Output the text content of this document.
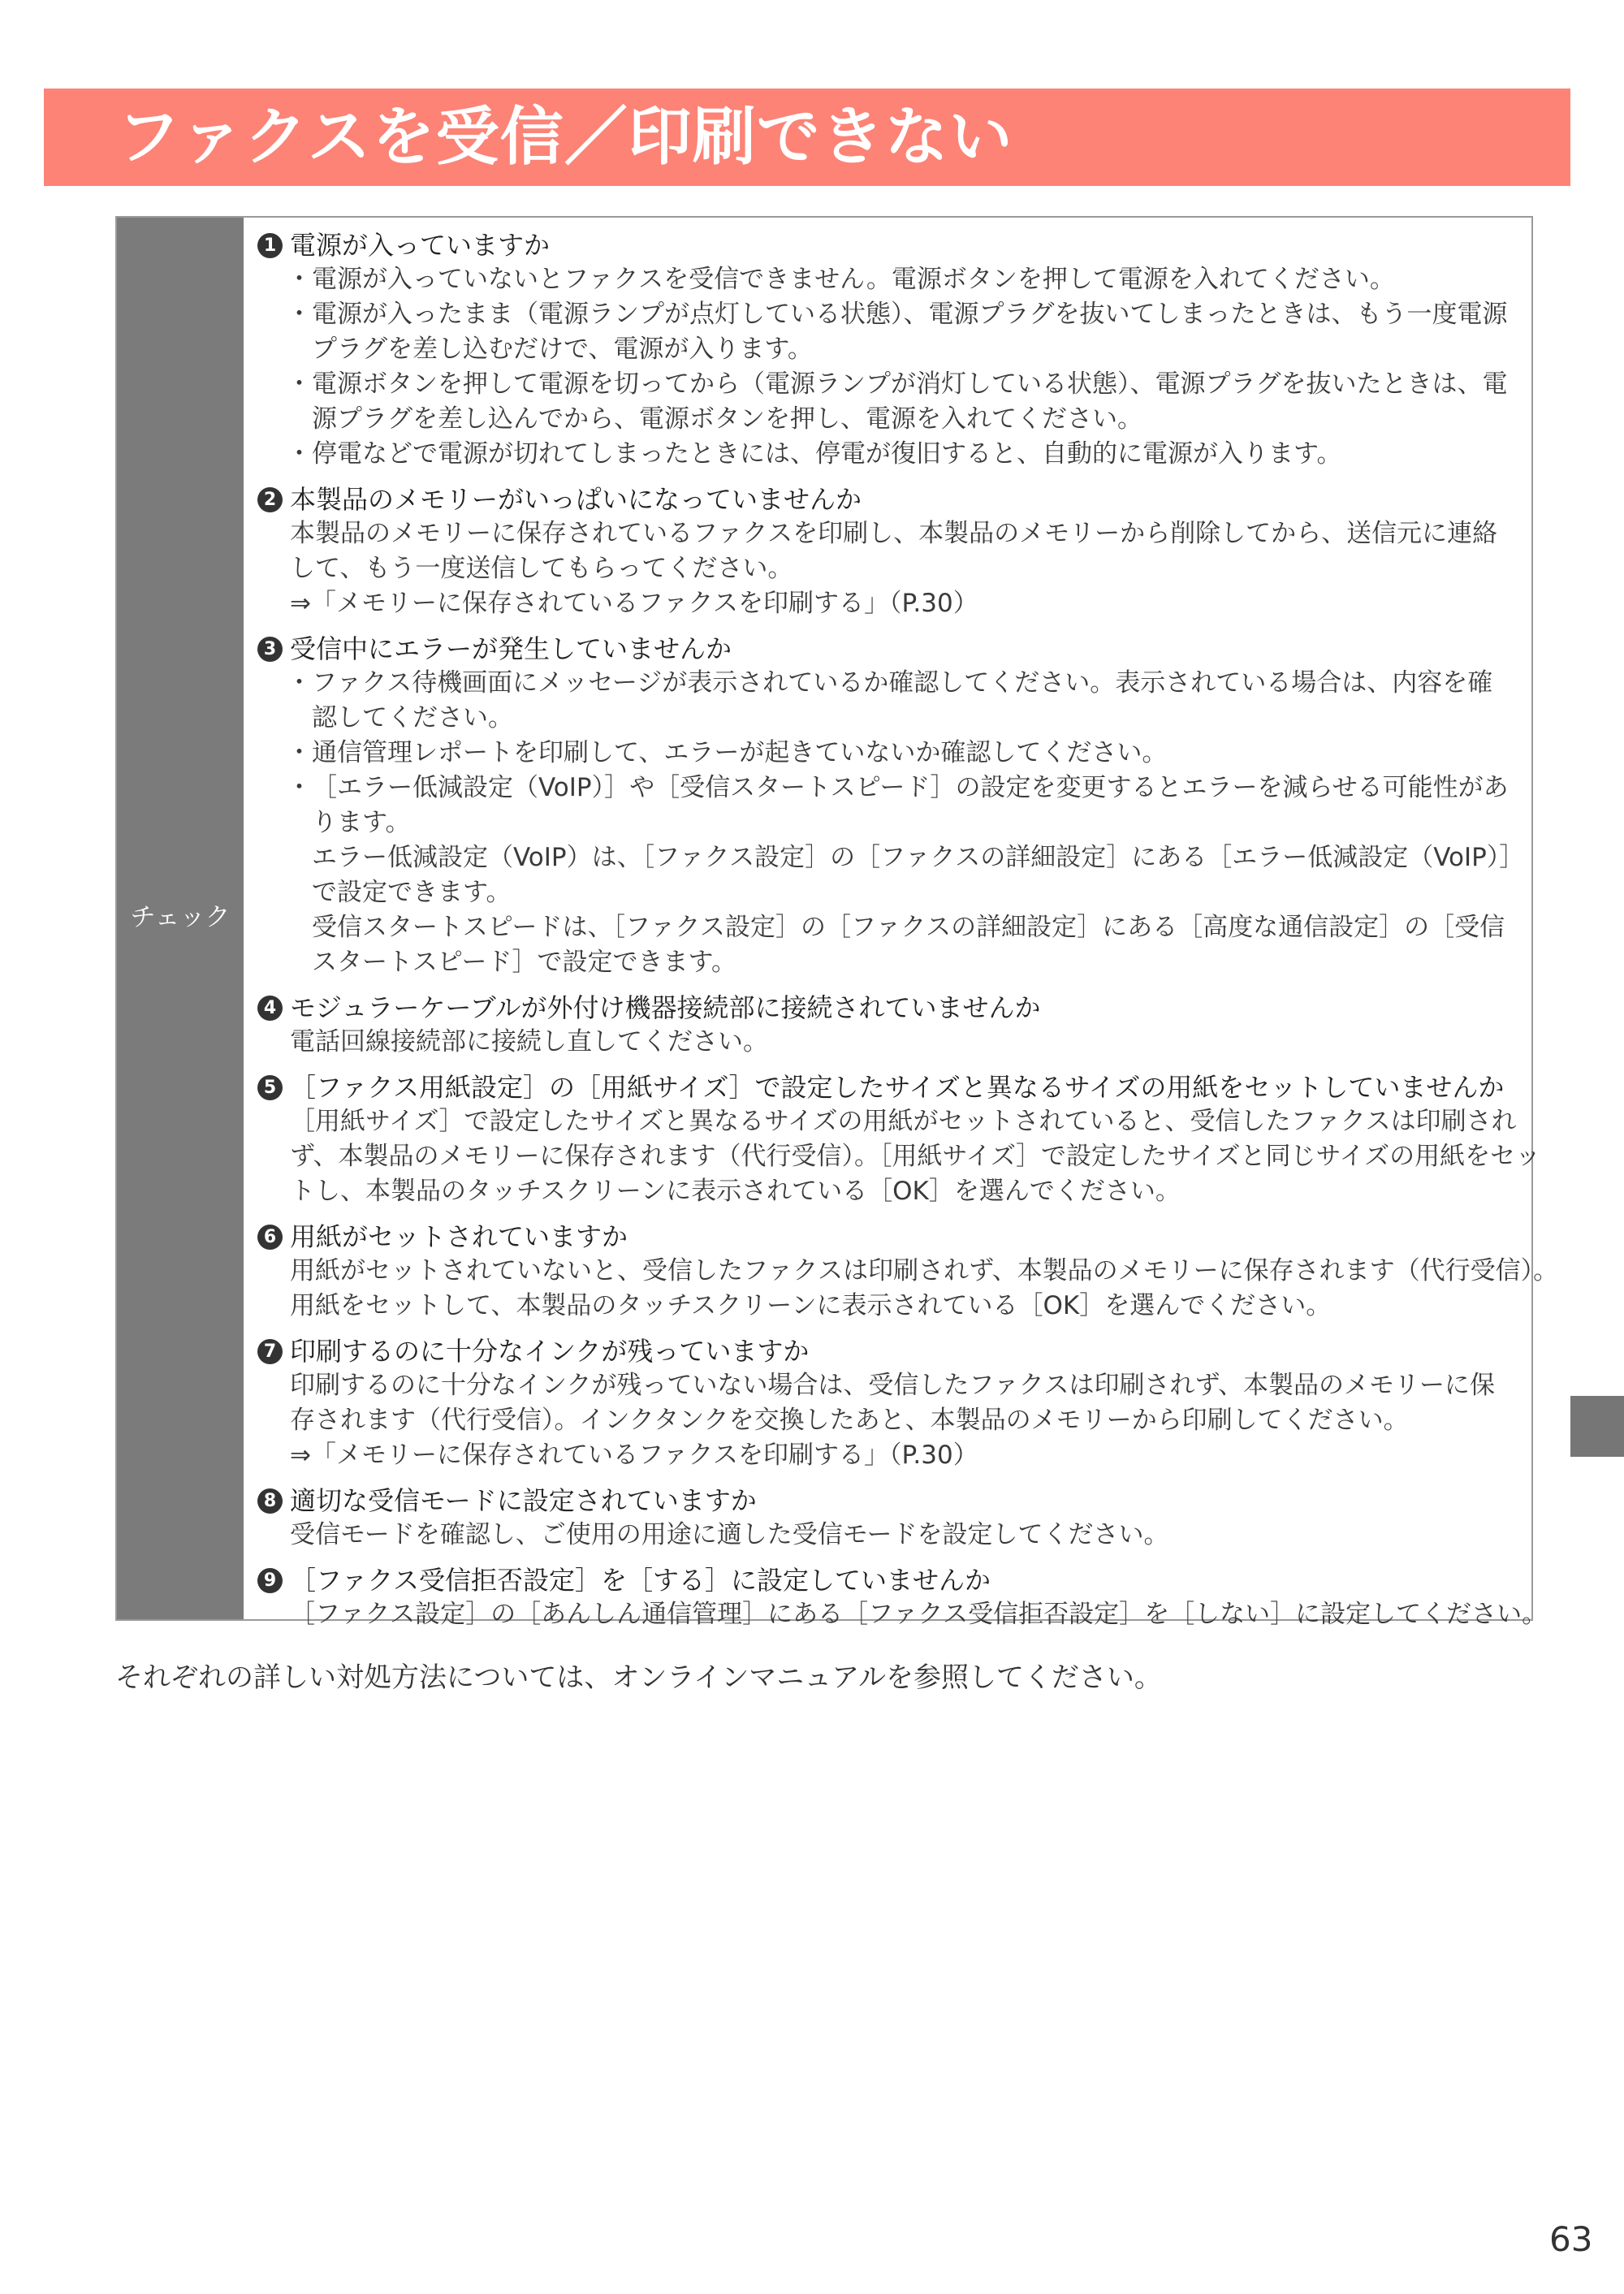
ファクスを受信／印刷できない
チェック
1 電源が入っていますか
・ 電源が入っていないとファクスを受信できません。電源ボタンを押して電源を入れてください。
・ 電源が入ったまま（電源ランプが点灯している状態）、電源プラグを抜いてしまったときは、もう一度電源
プラグを差し込むだけで、電源が入ります。
・ 電源ボタンを押して電源を切ってから（電源ランプが消灯している状態）、電源プラグを抜いたときは、電
源プラグを差し込んでから、電源ボタンを押し、電源を入れてください。
・ 停電などで電源が切れてしまったときには、停電が復旧すると、自動的に電源が入ります。
2 本製品のメモリーがいっぱいになっていませんか
本製品のメモリーに保存されているファクスを印刷し、本製品のメモリーから削除してから、送信元に連絡
して、もう一度送信してもらってください。
⇒「メモリーに保存されているファクスを印刷する」（P.30）
3 受信中にエラーが発生していませんか
・ ファクス待機画面にメッセージが表示されているか確認してください。表示されている場合は、内容を確
認してください。
・ 通信管理レポートを印刷して、エラーが起きていないか確認してください。
・ ［エラー低減設定（VoIP）］や［受信スタートスピード］の設定を変更するとエラーを減らせる可能性があ
ります。
エラー低減設定（VoIP）は、［ファクス設定］の［ファクスの詳細設定］にある［エラー低減設定（VoIP）］
で設定できます。
受信スタートスピードは、［ファクス設定］の［ファクスの詳細設定］にある［高度な通信設定］の［受信
スタートスピード］で設定できます。
4 モジュラーケーブルが外付け機器接続部に接続されていませんか
電話回線接続部に接続し直してください。
5 ［ファクス用紙設定］の［用紙サイズ］で設定したサイズと異なるサイズの用紙をセットしていませんか
［用紙サイズ］で設定したサイズと異なるサイズの用紙がセットされていると、受信したファクスは印刷され
ず、本製品のメモリーに保存されます（代行受信）。［用紙サイズ］で設定したサイズと同じサイズの用紙をセッ
トし、本製品のタッチスクリーンに表示されている［OK］を選んでください。
6 用紙がセットされていますか
用紙がセットされていないと、受信したファクスは印刷されず、本製品のメモリーに保存されます（代行受信）。
用紙をセットして、本製品のタッチスクリーンに表示されている［OK］を選んでください。
7 印刷するのに十分なインクが残っていますか
印刷するのに十分なインクが残っていない場合は、受信したファクスは印刷されず、本製品のメモリーに保
存されます（代行受信）。インクタンクを交換したあと、本製品のメモリーから印刷してください。
⇒「メモリーに保存されているファクスを印刷する」（P.30）
8 適切な受信モードに設定されていますか
受信モードを確認し、ご使用の用途に適した受信モードを設定してください。
9 ［ファクス受信拒否設定］を［する］に設定していませんか
［ファクス設定］の［あんしん通信管理］にある［ファクス受信拒否設定］を［しない］に設定してください。
それぞれの詳しい対処方法については、オンラインマニュアルを参照してください。
63
